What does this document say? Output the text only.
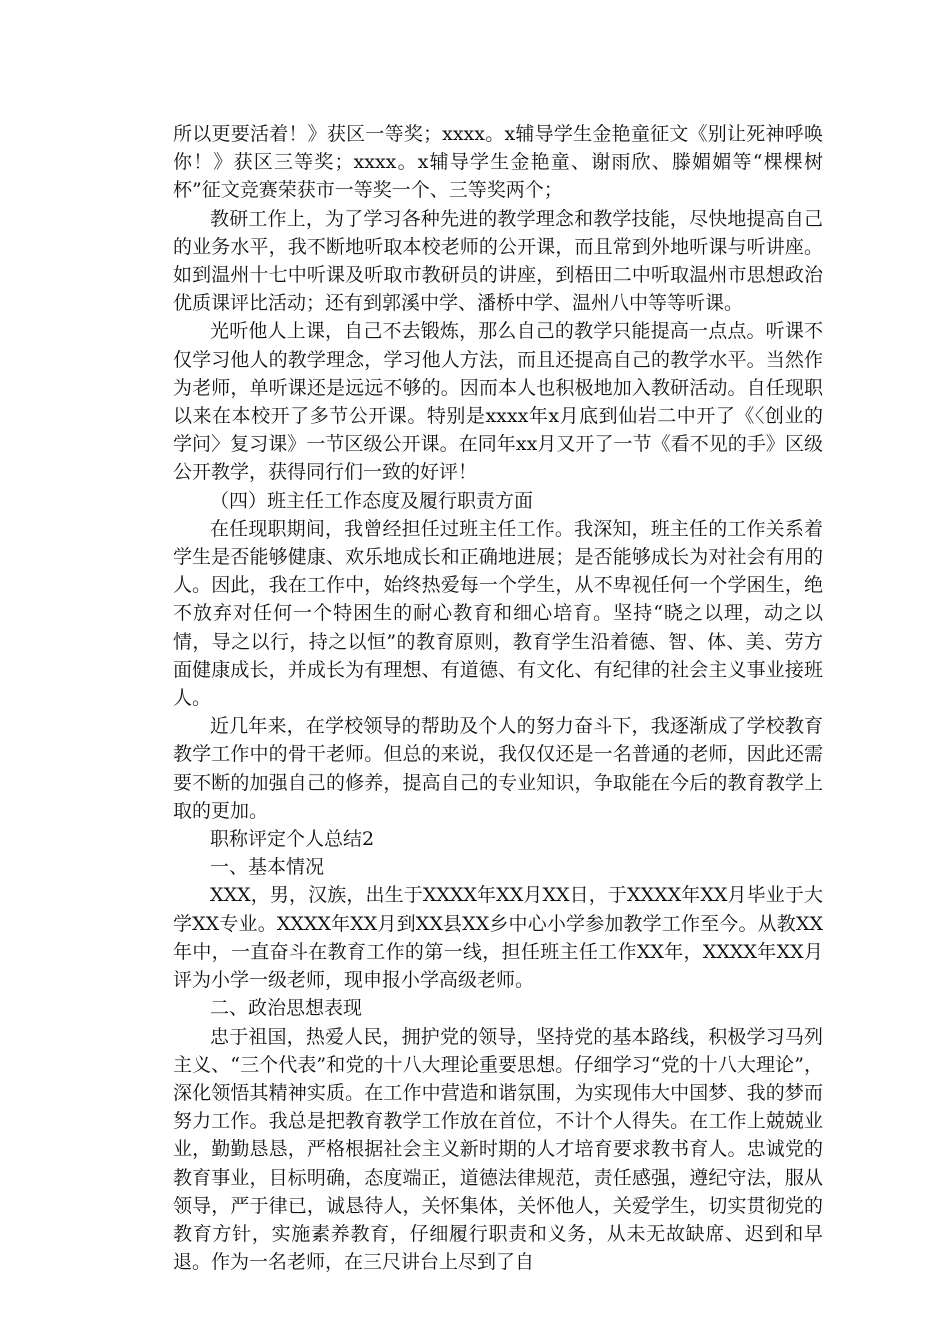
所以更要活着！》获区一等奖；xxxx。x辅导学生金艳童征文《别让死神呼唤你！》获区三等奖；xxxx。x辅导学生金艳童、谢雨欣、滕媚媚等“棵棵树杯”征文竞赛荣获市一等奖一个、三等奖两个；

教研工作上，为了学习各种先进的教学理念和教学技能，尽快地提高自己的业务水平，我不断地听取本校老师的公开课，而且常到外地听课与听讲座。如到温州十七中听课及听取市教研员的讲座，到梧田二中听取温州市思想政治优质课评比活动；还有到郭溪中学、潘桥中学、温州八中等等听课。

光听他人上课，自己不去锻炼，那么自己的教学只能提高一点点。听课不仅学习他人的教学理念，学习他人方法，而且还提高自己的教学水平。当然作为老师，单听课还是远远不够的。因而本人也积极地加入教研活动。自任现职以来在本校开了多节公开课。特别是xxxx年x月底到仙岩二中开了《〈创业的学问〉复习课》一节区级公开课。在同年xx月又开了一节《看不见的手》区级公开教学，获得同行们一致的好评！

（四）班主任工作态度及履行职责方面

在任现职期间，我曾经担任过班主任工作。我深知，班主任的工作关系着学生是否能够健康、欢乐地成长和正确地进展；是否能够成长为对社会有用的人。因此，我在工作中，始终热爱每一个学生，从不卑视任何一个学困生，绝不放弃对任何一个特困生的耐心教育和细心培育。坚持“晓之以理，动之以情，导之以行，持之以恒”的教育原则，教育学生沿着德、智、体、美、劳方面健康成长，并成长为有理想、有道德、有文化、有纪律的社会主义事业接班人。

近几年来，在学校领导的帮助及个人的努力奋斗下，我逐渐成了学校教育教学工作中的骨干老师。但总的来说，我仅仅还是一名普通的老师，因此还需要不断的加强自己的修养，提高自己的专业知识，争取能在今后的教育教学上取的更加。

职称评定个人总结2

一、基本情况

XXX，男，汉族，出生于XXXX年XX月XX日，于XXXX年XX月毕业于大学XX专业。XXXX年XX月到XX县XX乡中心小学参加教学工作至今。从教XX年中，一直奋斗在教育工作的第一线，担任班主任工作XX年，XXXX年XX月评为小学一级老师，现申报小学高级老师。

二、政治思想表现

忠于祖国，热爱人民，拥护党的领导，坚持党的基本路线，积极学习马列主义、“三个代表”和党的十八大理论重要思想。仔细学习“党的十八大理论”，深化领悟其精神实质。在工作中营造和谐氛围，为实现伟大中国梦、我的梦而努力工作。我总是把教育教学工作放在首位，不计个人得失。在工作上兢兢业业，勤勤恳恳，严格根据社会主义新时期的人才培育要求教书育人。忠诚党的教育事业，目标明确，态度端正，道德法律规范，责任感强，遵纪守法，服从领导，严于律已，诚恳待人，关怀集体，关怀他人，关爱学生，切实贯彻党的教育方针，实施素养教育，仔细履行职责和义务，从未无故缺席、迟到和早退。作为一名老师，在三尺讲台上尽到了自
